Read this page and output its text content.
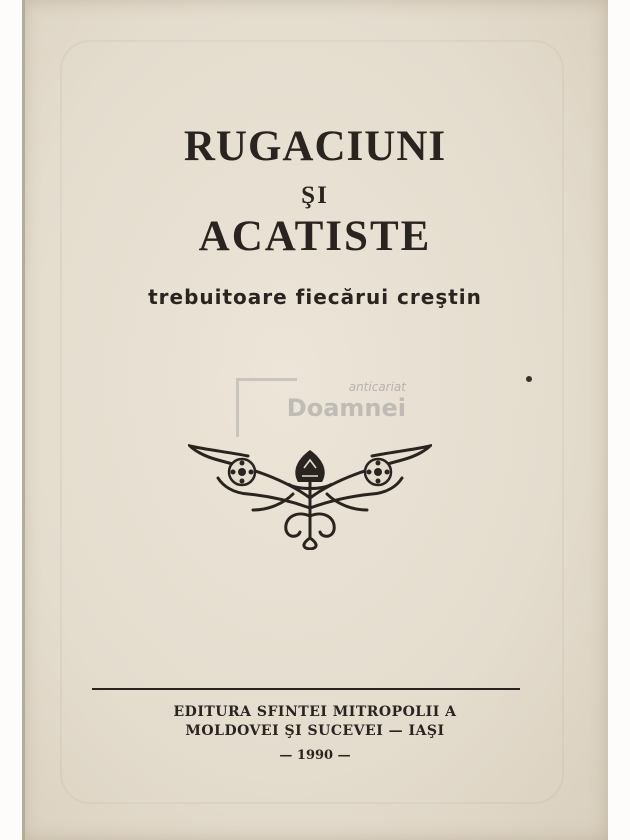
RUGACIUNI
ŞI
ACATISTE
trebuitoare fiecărui creştin
anticariat
Doamnei
EDITURA SFINTEI MITROPOLII A
MOLDOVEI ŞI SUCEVEI — IAŞI
— 1990 —
